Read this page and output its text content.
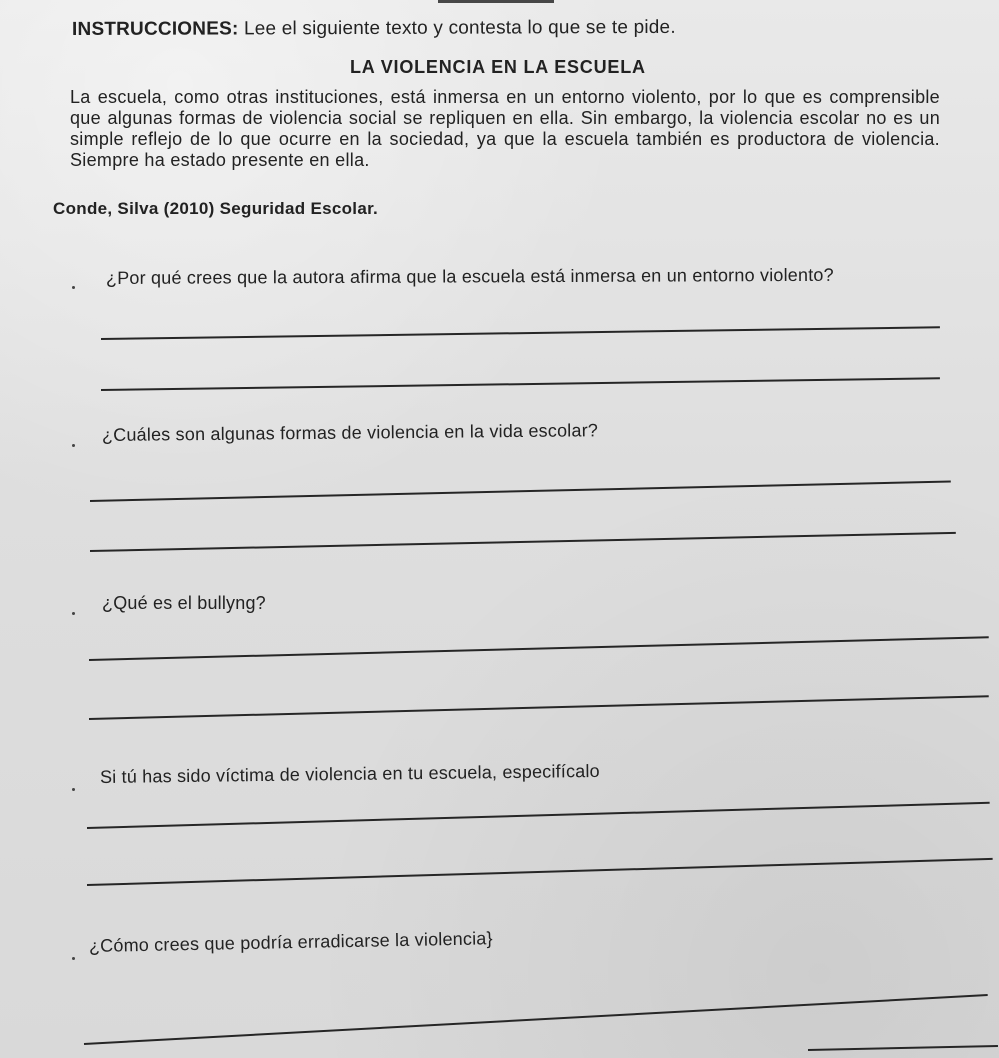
INSTRUCCIONES: Lee el siguiente texto y contesta lo que se te pide.
LA VIOLENCIA EN LA ESCUELA
La escuela, como otras instituciones, está inmersa en un entorno violento, por lo que es comprensible que algunas formas de violencia social se repliquen en ella. Sin embargo, la violencia escolar no es un simple reflejo de lo que ocurre en la sociedad, ya que la escuela también es productora de violencia. Siempre ha estado presente en ella.
Conde, Silva (2010) Seguridad Escolar.
¿Por qué crees que la autora afirma que la escuela está inmersa en un entorno violento?
¿Cuáles son algunas formas de violencia en la vida escolar?
¿Qué es el bullyng?
Si tú has sido víctima de violencia en tu escuela, especifícalo
¿Cómo crees que podría erradicarse la violencia}
